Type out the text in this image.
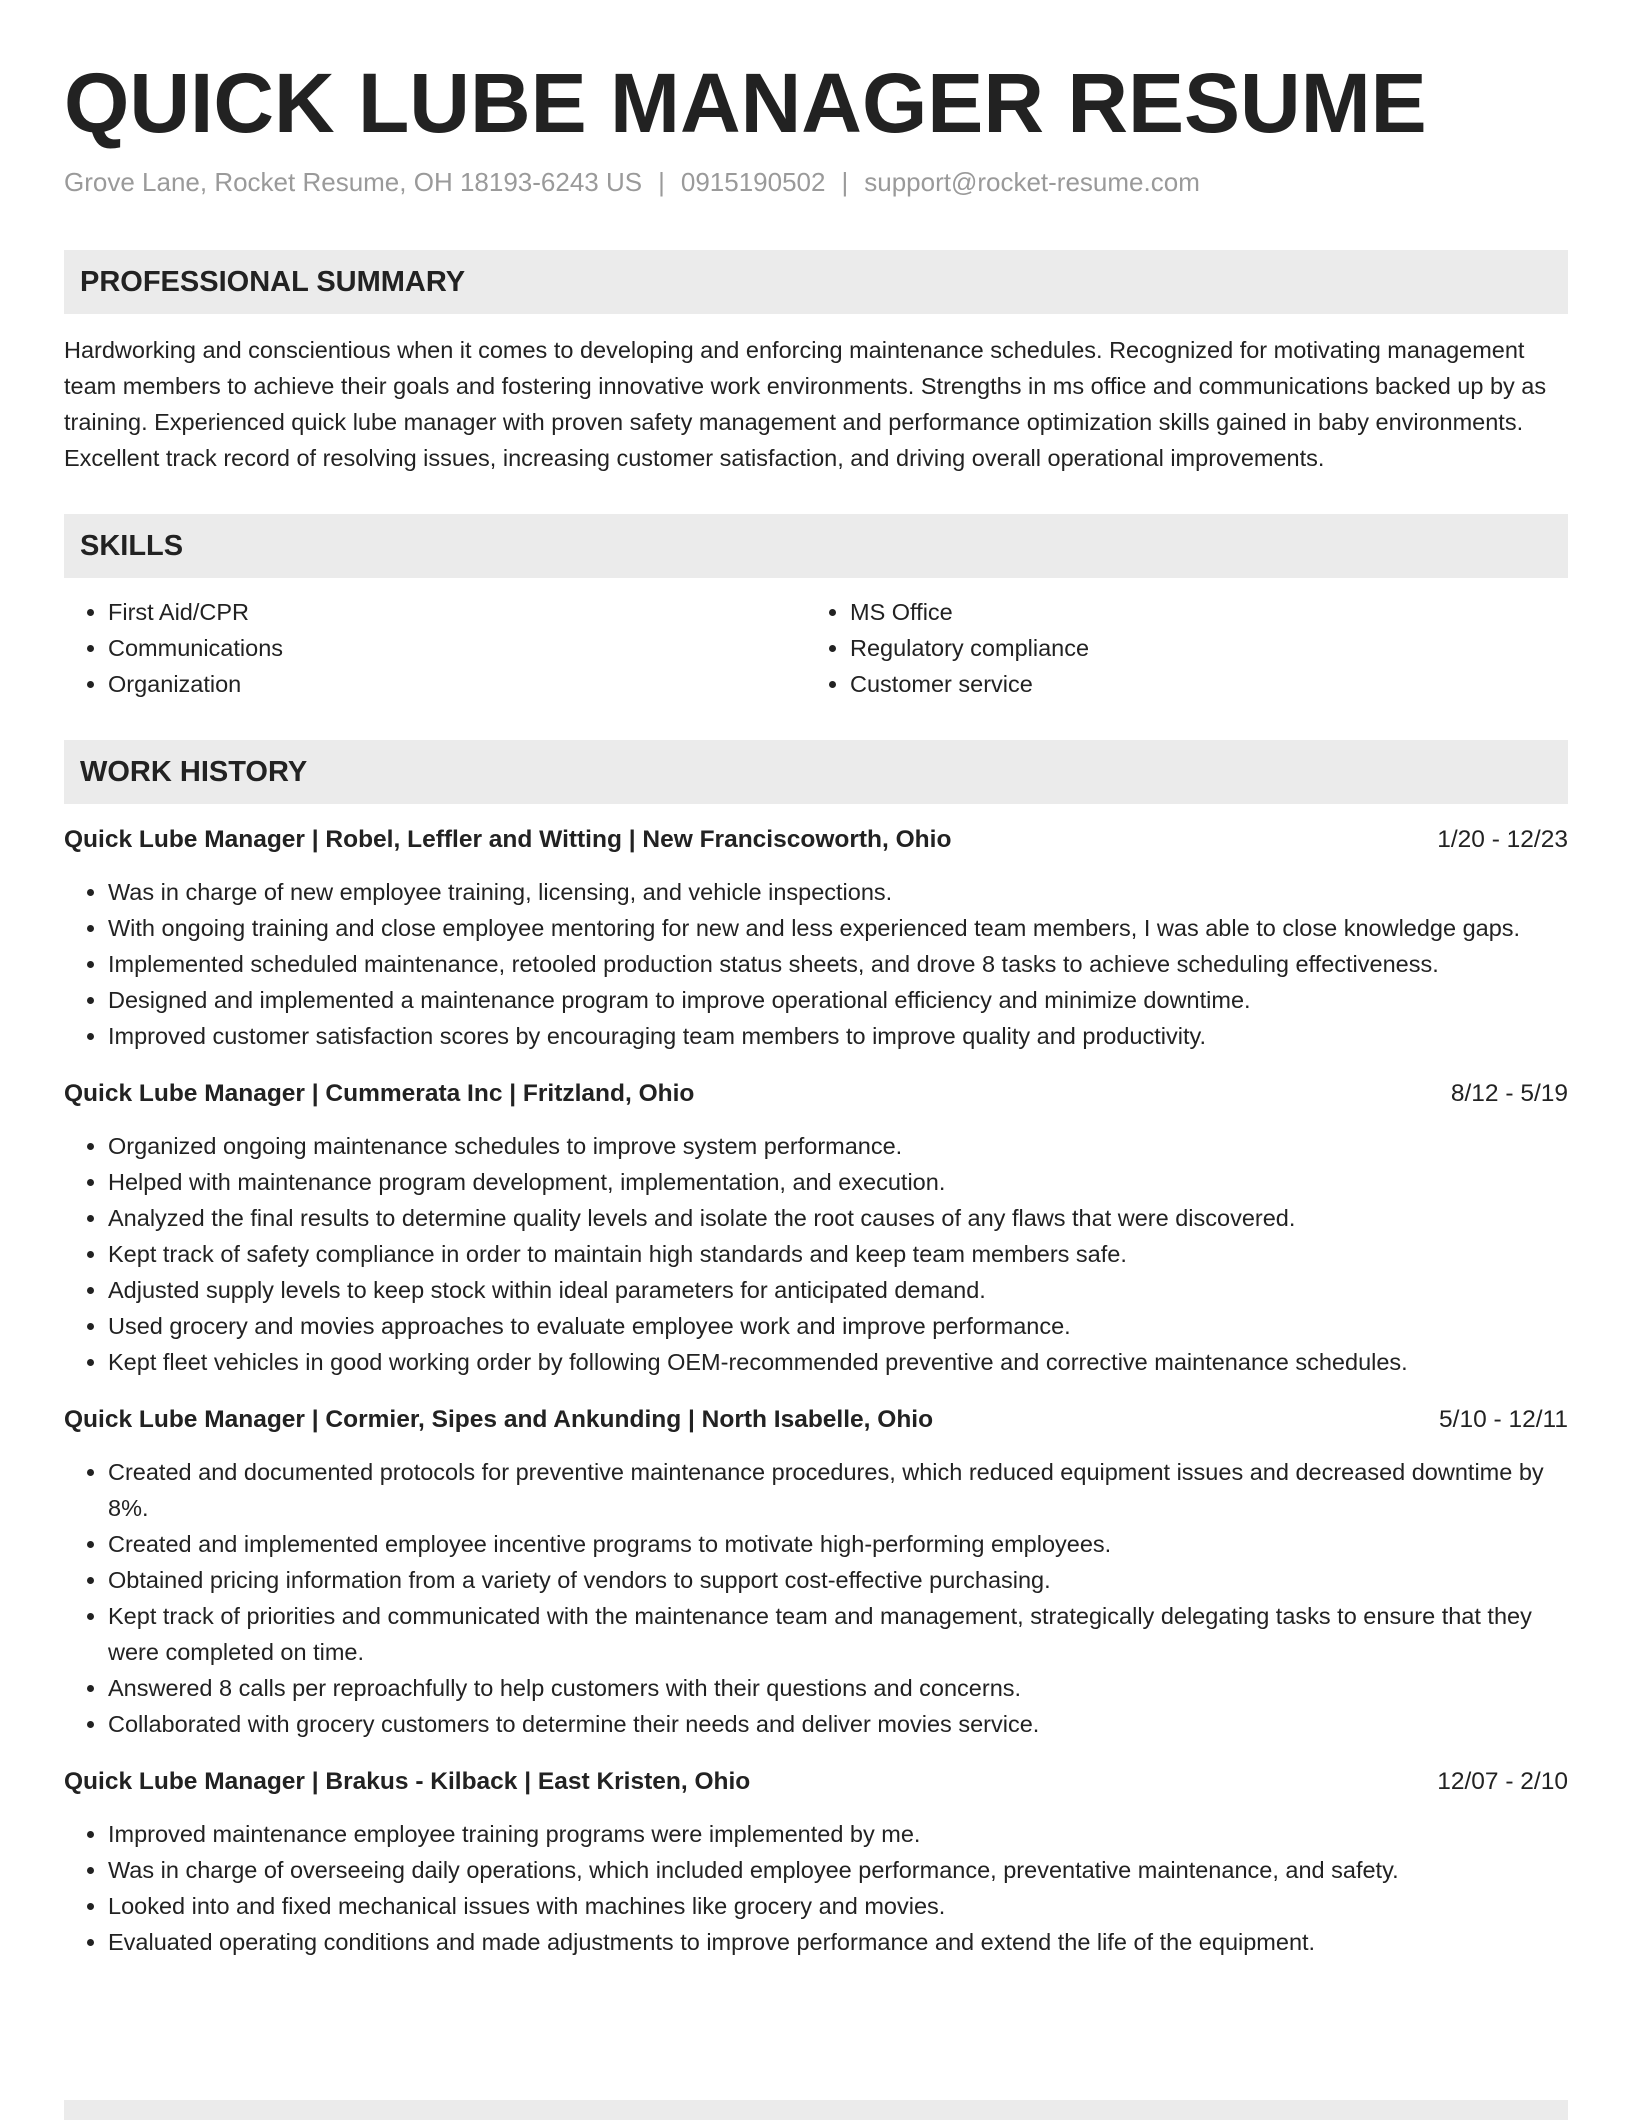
QUICK LUBE MANAGER RESUME
Grove Lane, Rocket Resume, OH 18193-6243 US | 0915190502 | support@rocket-resume.com
PROFESSIONAL SUMMARY

Hardworking and conscientious when it comes to developing and enforcing maintenance schedules. Recognized for motivating management team members to achieve their goals and fostering innovative work environments. Strengths in ms office and communications backed up by as training. Experienced quick lube manager with proven safety management and performance optimization skills gained in baby environments. Excellent track record of resolving issues, increasing customer satisfaction, and driving overall operational improvements.

SKILLS
• First Aid/CPR
• Communications
• Organization
• MS Office
• Regulatory compliance
• Customer service
WORK HISTORY
Quick Lube Manager | Robel, Leffler and Witting | New Franciscoworth, Ohio	1/20 - 12/23
• Was in charge of new employee training, licensing, and vehicle inspections.
• With ongoing training and close employee mentoring for new and less experienced team members, I was able to close knowledge gaps.
• Implemented scheduled maintenance, retooled production status sheets, and drove 8 tasks to achieve scheduling effectiveness.
• Designed and implemented a maintenance program to improve operational efficiency and minimize downtime.
• Improved customer satisfaction scores by encouraging team members to improve quality and productivity.
Quick Lube Manager | Cummerata Inc | Fritzland, Ohio	8/12 - 5/19
• Organized ongoing maintenance schedules to improve system performance.
• Helped with maintenance program development, implementation, and execution.
• Analyzed the final results to determine quality levels and isolate the root causes of any flaws that were discovered.
• Kept track of safety compliance in order to maintain high standards and keep team members safe.
• Adjusted supply levels to keep stock within ideal parameters for anticipated demand.
• Used grocery and movies approaches to evaluate employee work and improve performance.
• Kept fleet vehicles in good working order by following OEM-recommended preventive and corrective maintenance schedules.
Quick Lube Manager | Cormier, Sipes and Ankunding | North Isabelle, Ohio	5/10 - 12/11
• Created and documented protocols for preventive maintenance procedures, which reduced equipment issues and decreased downtime by 8%.
• Created and implemented employee incentive programs to motivate high-performing employees.
• Obtained pricing information from a variety of vendors to support cost-effective purchasing.
• Kept track of priorities and communicated with the maintenance team and management, strategically delegating tasks to ensure that they were completed on time.
• Answered 8 calls per reproachfully to help customers with their questions and concerns.
• Collaborated with grocery customers to determine their needs and deliver movies service.
Quick Lube Manager | Brakus - Kilback | East Kristen, Ohio	12/07 - 2/10
• Improved maintenance employee training programs were implemented by me.
• Was in charge of overseeing daily operations, which included employee performance, preventative maintenance, and safety.
• Looked into and fixed mechanical issues with machines like grocery and movies.
• Evaluated operating conditions and made adjustments to improve performance and extend the life of the equipment.
